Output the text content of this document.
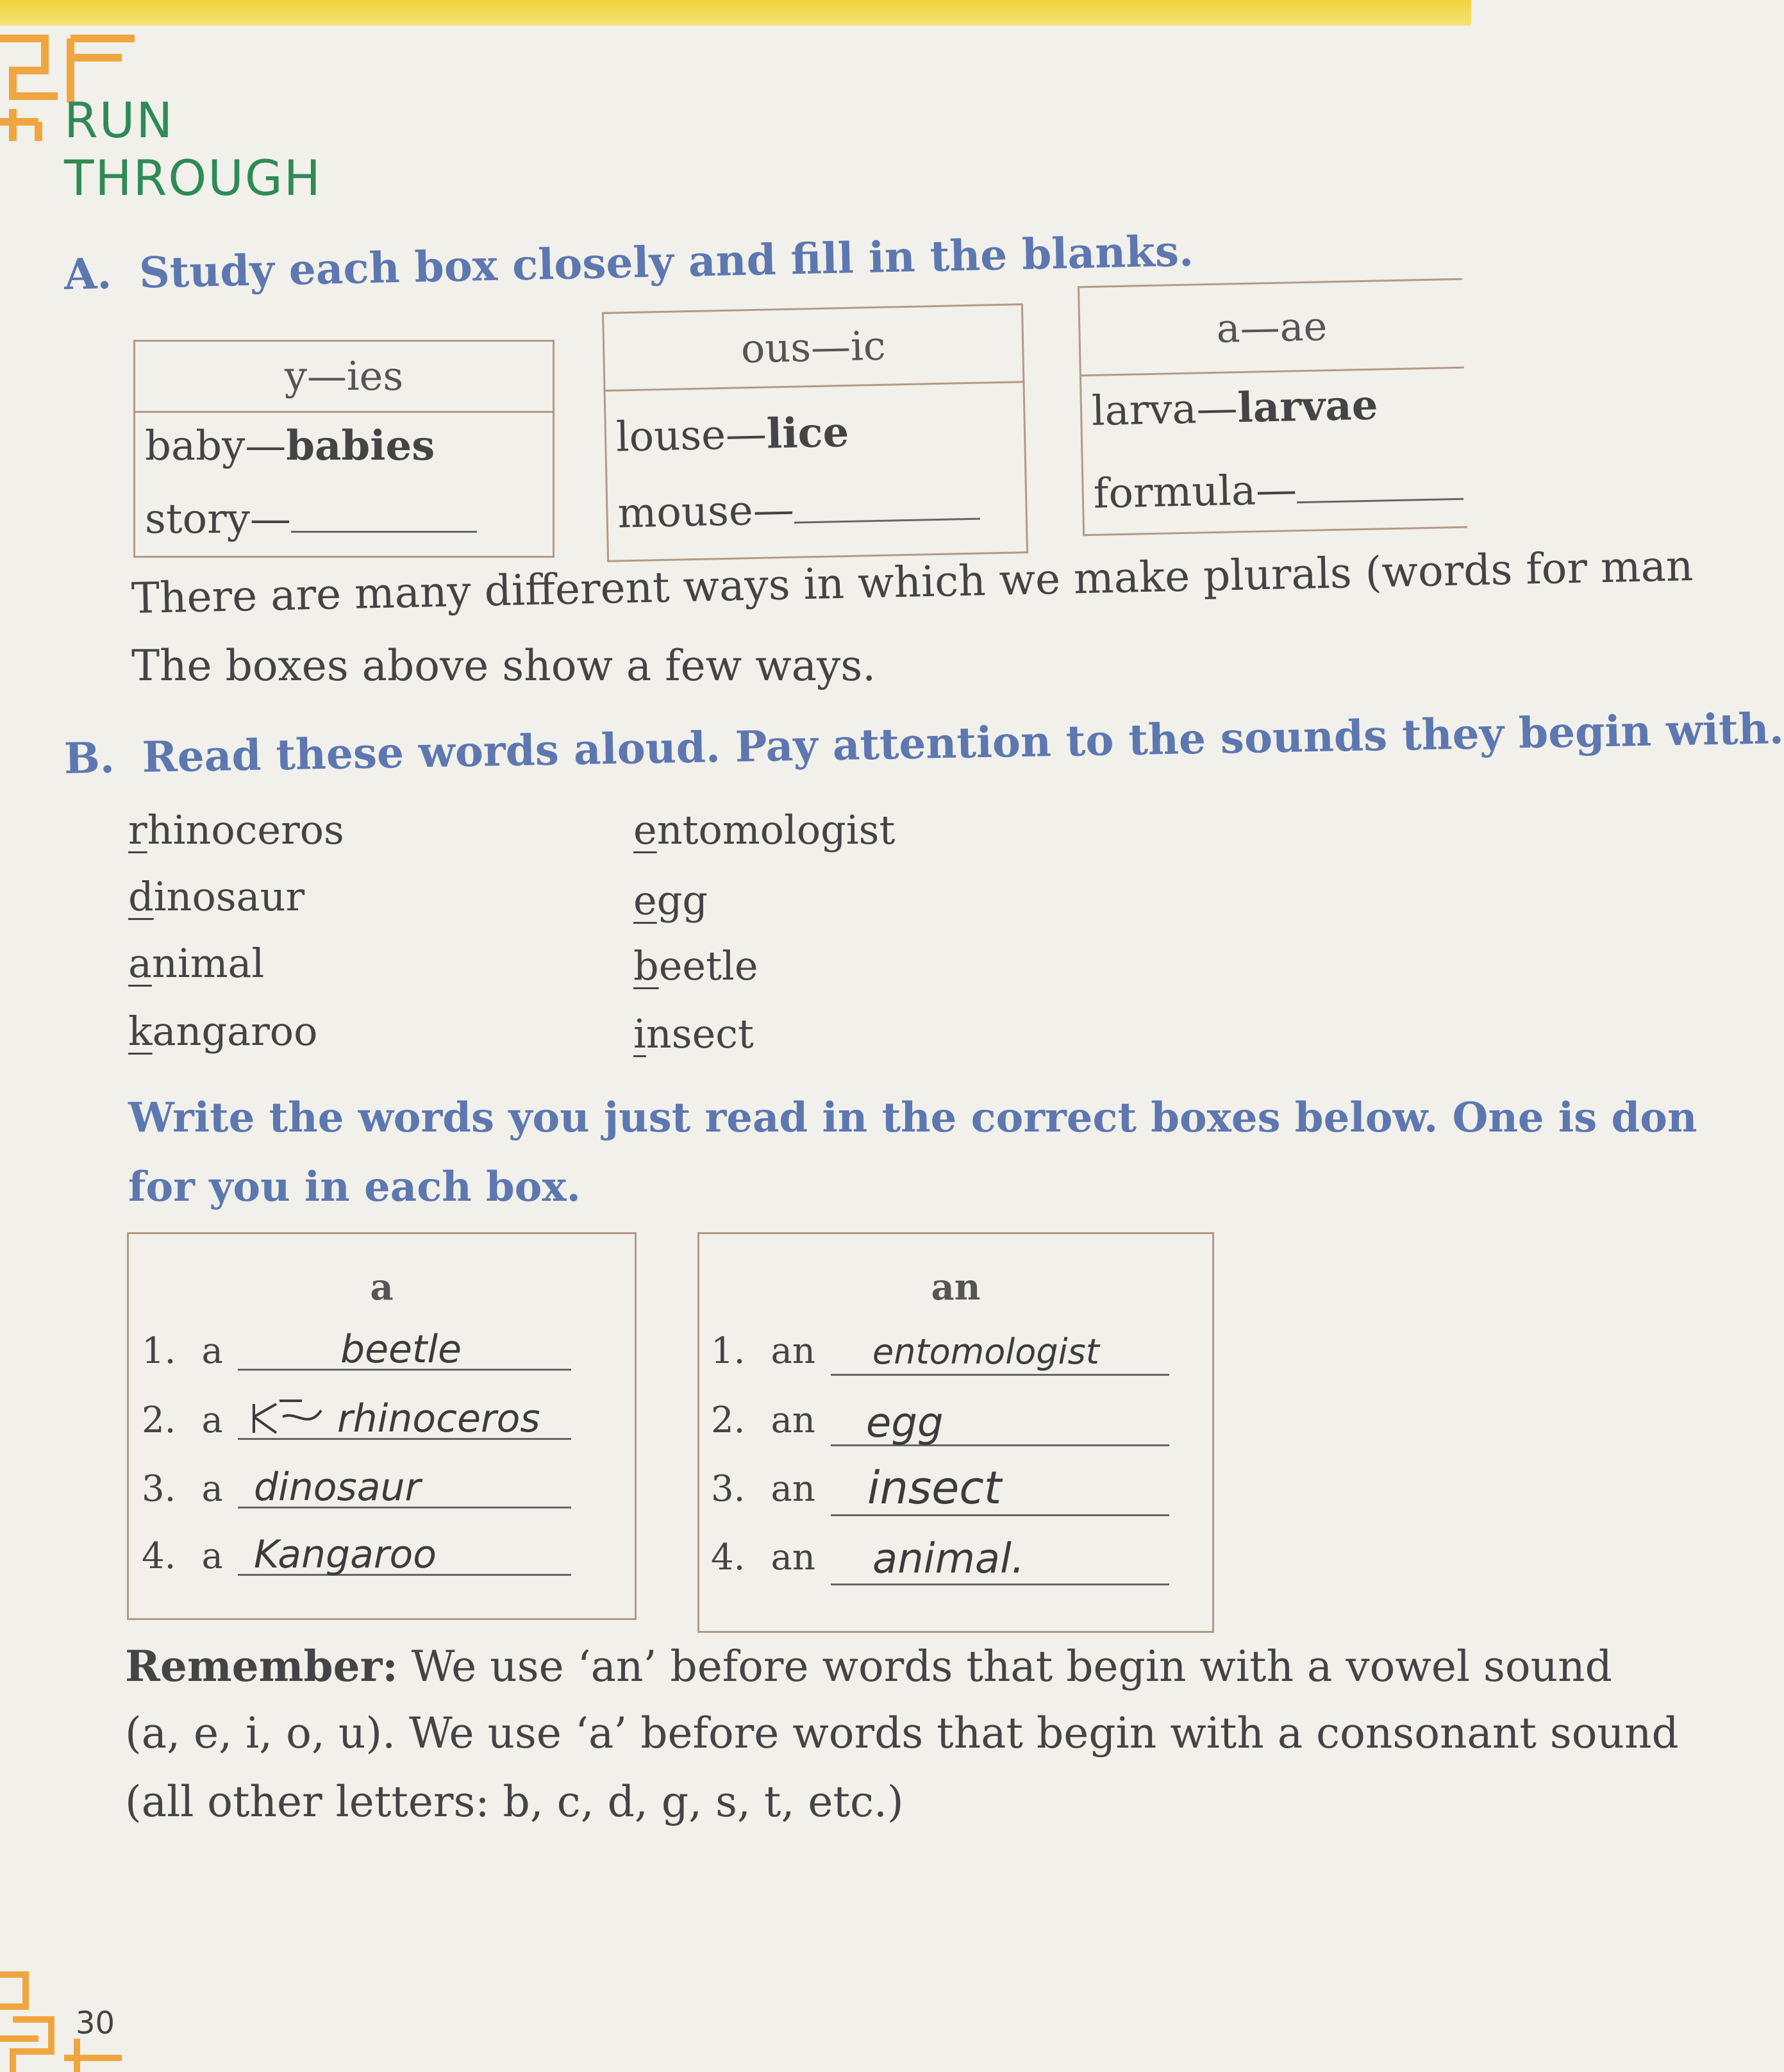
RUN
THROUGH
A. Study each box closely and fill in the blanks.
y—ies
baby—babies
story—
ous—ic
louse—lice
mouse—
a—ae
larva—larvae
formula—
There are many different ways in which we make plurals (words for man
The boxes above show a few ways.
B. Read these words aloud. Pay attention to the sounds they begin with.
rhinoceros
dinosaur
animal
kangaroo
entomologist
egg
beetle
insect
Write the words you just read in the correct boxes below. One is don
for you in each box.
a
1. a	beetle
2. a	rhinoceros
3. a dinosaur
4. a Kangaroo
an
1. an entomologist
2. an egg
3. an insect
4. an animal.
Remember: We use ‘an’ before words that begin with a vowel sound
(a, e, i, o, u). We use ‘a’ before words that begin with a consonant sound
(all other letters: b, c, d, g, s, t, etc.)
30
